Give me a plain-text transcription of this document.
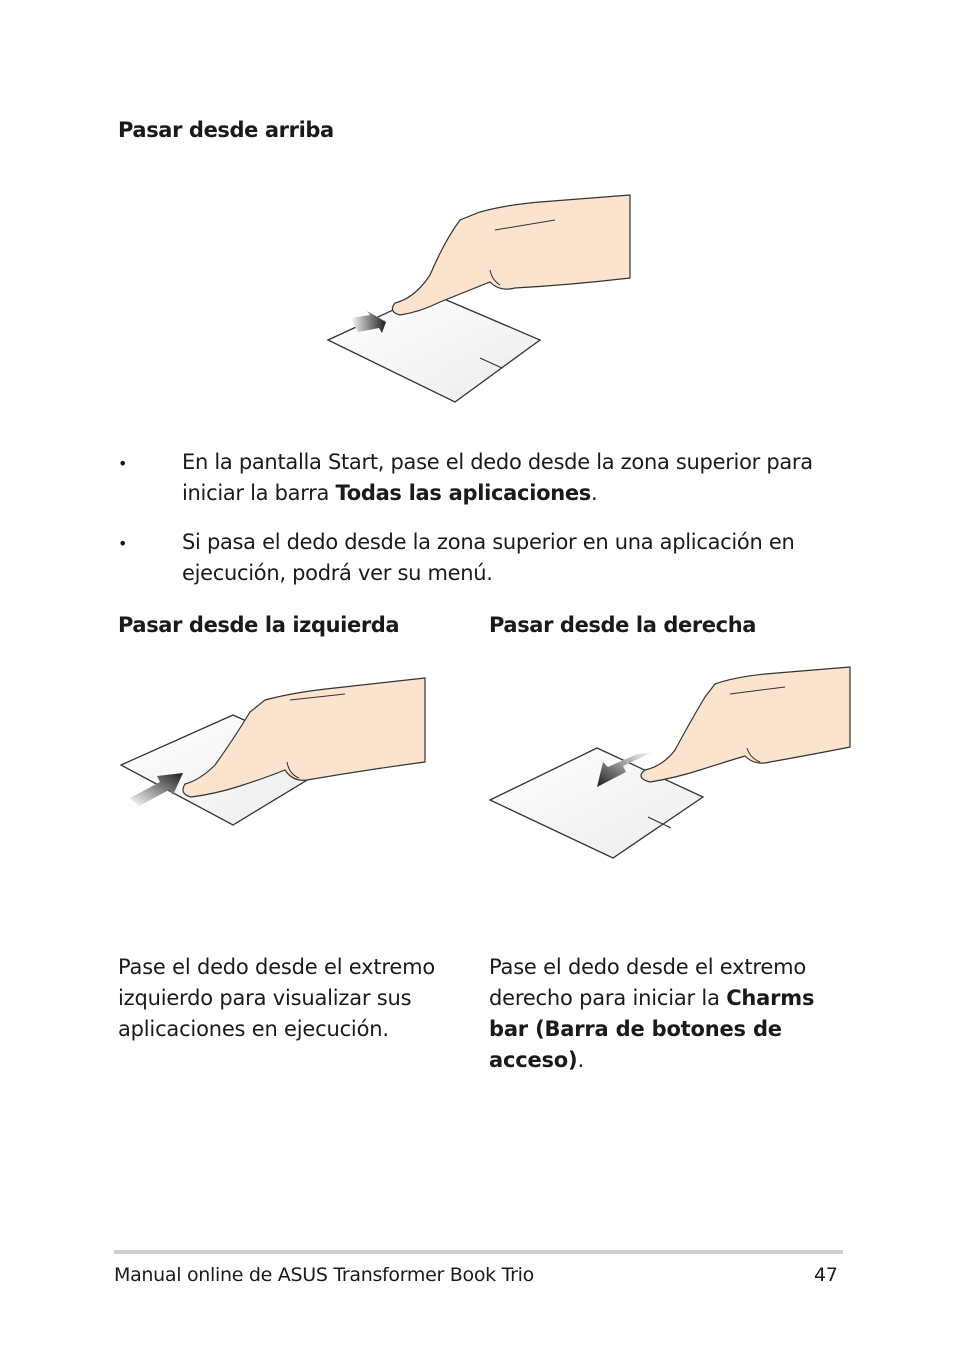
Pasar desde arriba
•	En la pantalla Start, pase el dedo desde la zona superior para iniciar la barra Todas las aplicaciones.
•	Si pasa el dedo desde la zona superior en una aplicación en ejecución, podrá ver su menú.
Pasar desde la izquierda	Pasar desde la derecha
Pase el dedo desde el extremo izquierdo para visualizar sus aplicaciones en ejecución.
Pase el dedo desde el extremo derecho para iniciar la Charms bar (Barra de botones de acceso).
Manual online de ASUS Transformer Book Trio	47
